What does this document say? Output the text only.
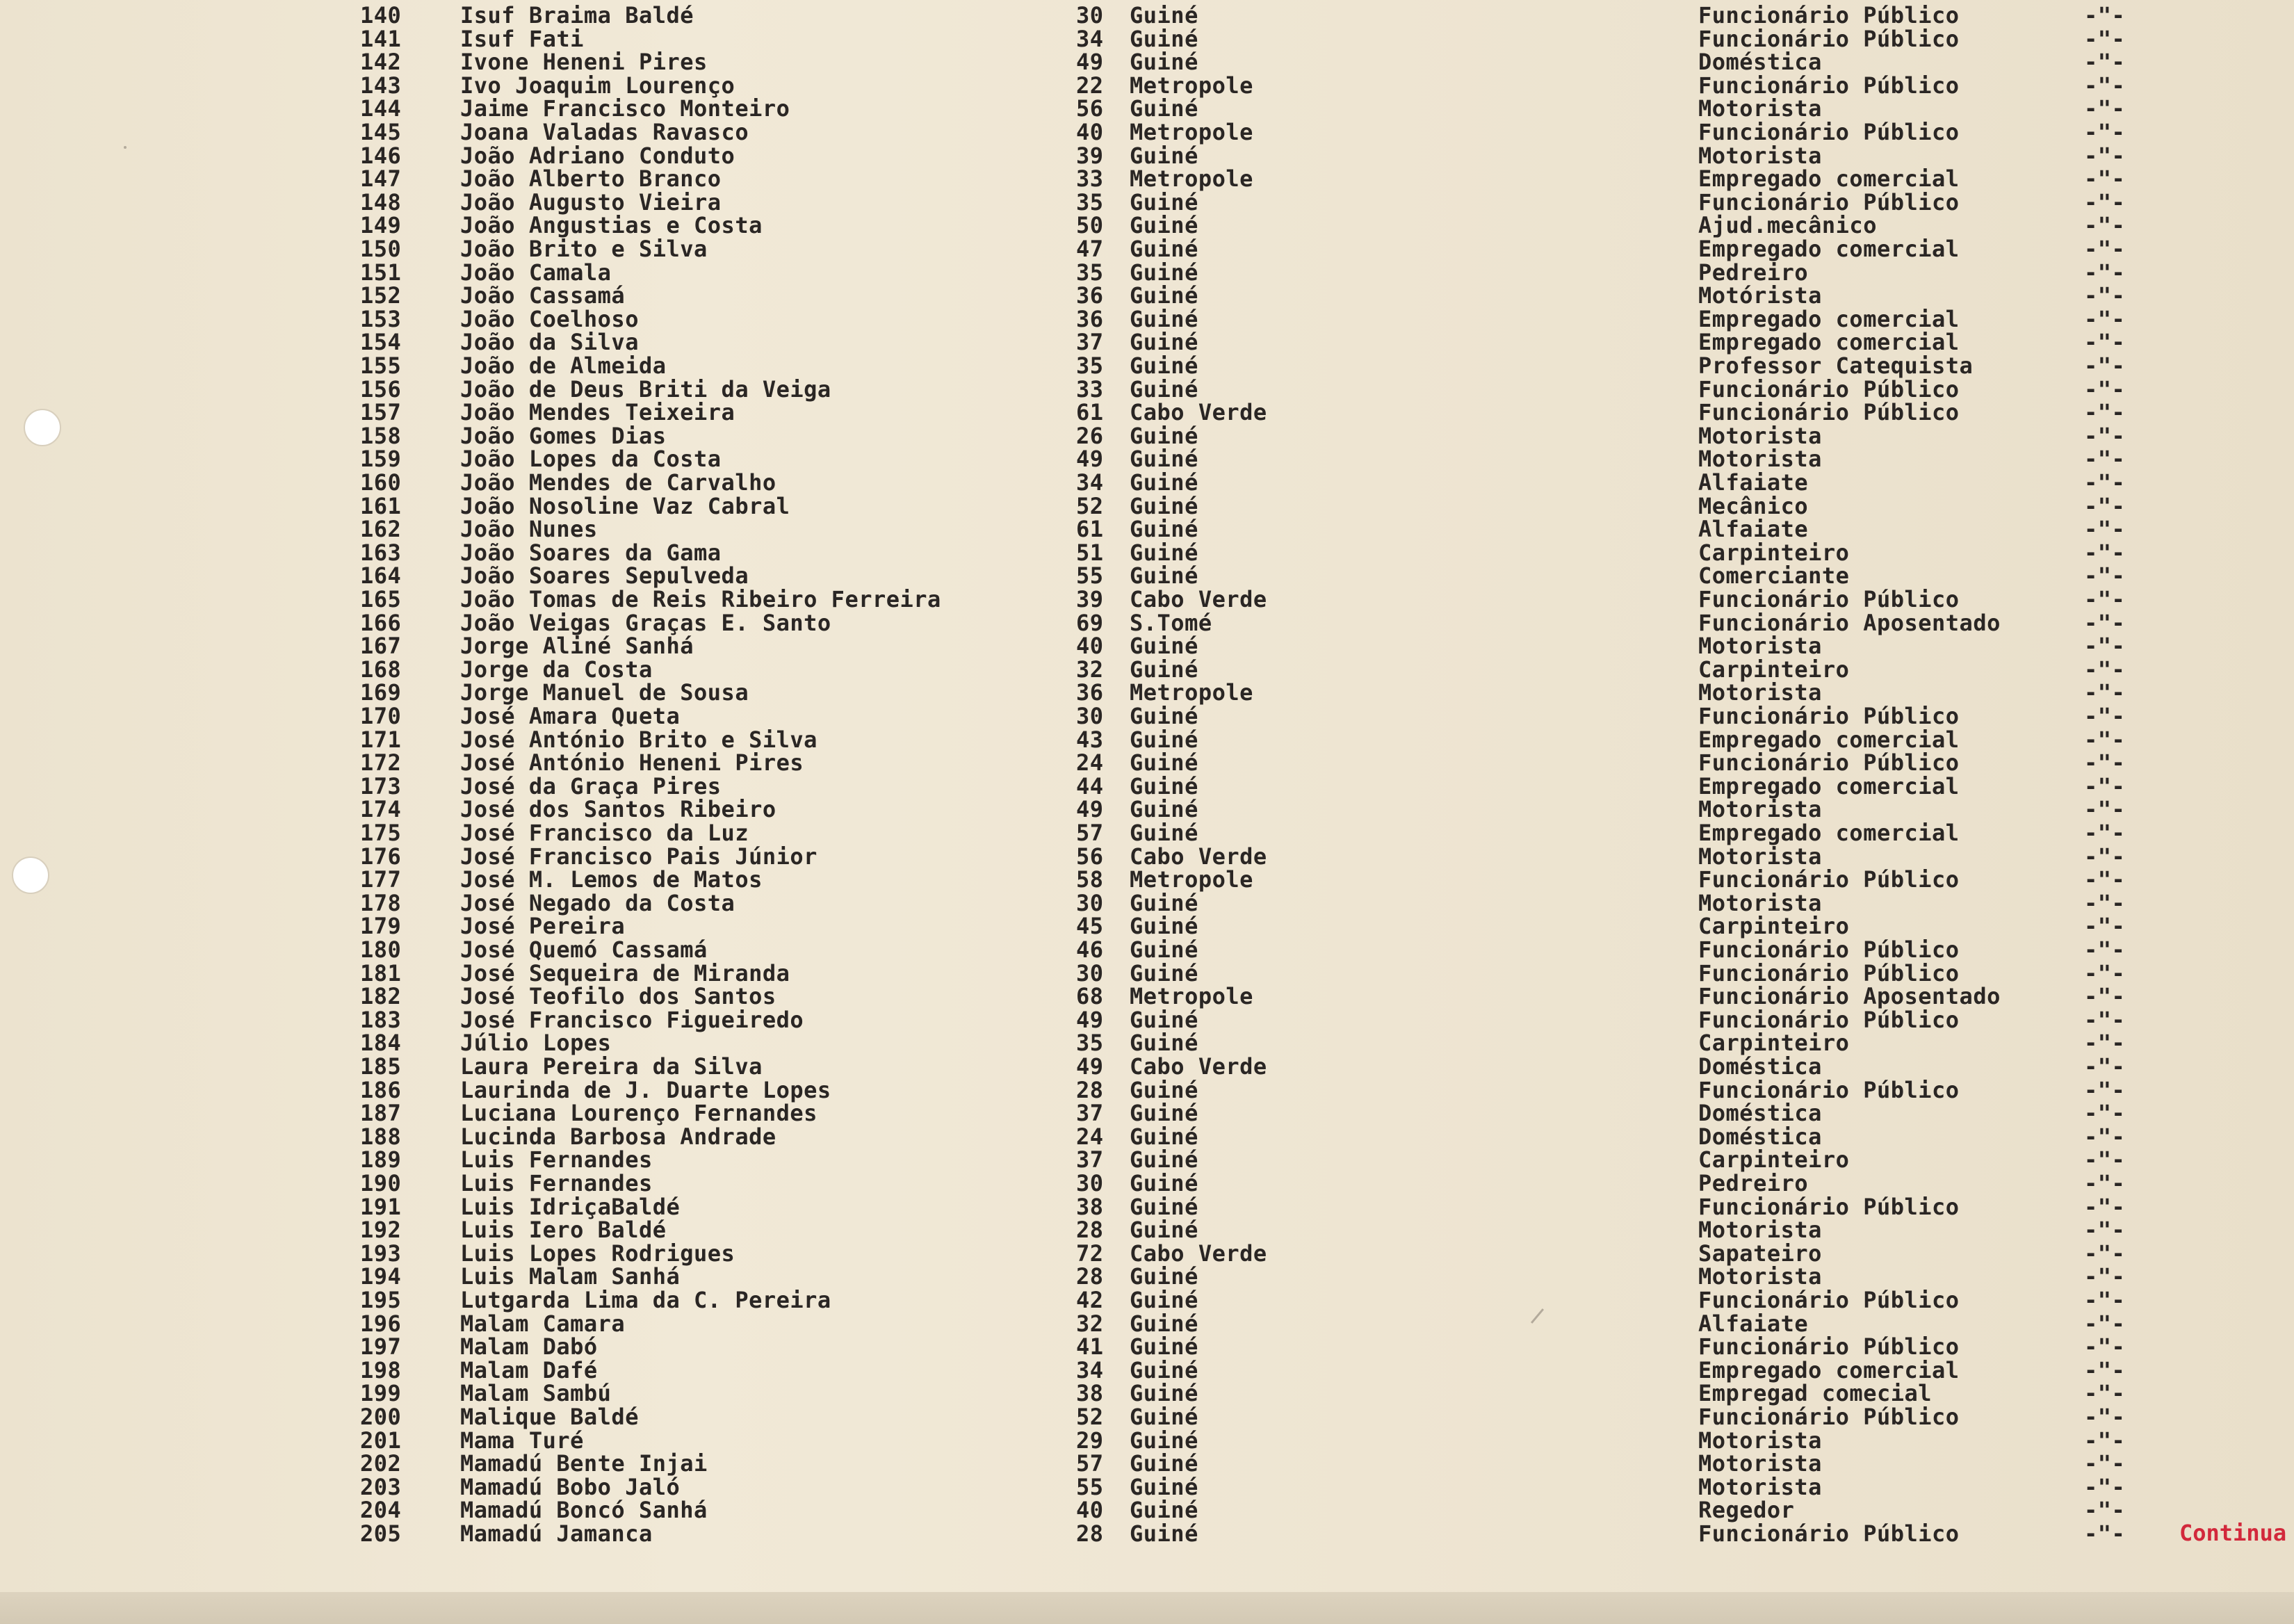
140	Isuf Braima Baldé	30 Guiné	Funcionário Público	-"-
141	Isuf Fati	34 Guiné	Funcionário Público	-"-
142	Ivone Heneni Pires	49 Guiné	Doméstica	-"-
143	Ivo Joaquim Lourenço	22 Metropole	Funcionário Público	-"-
144	Jaime Francisco Monteiro	56 Guiné	Motorista	-"-
145	Joana Valadas Ravasco	40 Metropole	Funcionário Público	-"-
146	João Adriano Conduto	39 Guiné	Motorista	-"-
147	João Alberto Branco	33 Metropole	Empregado comercial	-"-
148	João Augusto Vieira	35 Guiné	Funcionário Público	-"-
149	João Angustias e Costa	50 Guiné	Ajud.mecânico	-"-
150	João Brito e Silva	47 Guiné	Empregado comercial	-"-
151	João Camala	35 Guiné	Pedreiro	-"-
152	João Cassamá	36 Guiné	Motórista	-"-
153	João Coelhoso	36 Guiné	Empregado comercial	-"-
154	João da Silva	37 Guiné	Empregado comercial	-"-
155	João de Almeida	35 Guiné	Professor Catequista	-"-
156	João de Deus Briti da Veiga	33 Guiné	Funcionário Público	-"-
157	João Mendes Teixeira	61 Cabo Verde	Funcionário Público	-"-
158	João Gomes Dias	26 Guiné	Motorista	-"-
159	João Lopes da Costa	49 Guiné	Motorista	-"-
160	João Mendes de Carvalho	34 Guiné	Alfaiate	-"-
161	João Nosoline Vaz Cabral	52 Guiné	Mecânico	-"-
162	João Nunes	61 Guiné	Alfaiate	-"-
163	João Soares da Gama	51 Guiné	Carpinteiro	-"-
164	João Soares Sepulveda	55 Guiné	Comerciante	-"-
165	João Tomas de Reis Ribeiro Ferreira	39 Cabo Verde	Funcionário Público	-"-
166	João Veigas Graças E. Santo	69 S.Tomé	Funcionário Aposentado	-"-
167	Jorge Aliné Sanhá	40 Guiné	Motorista	-"-
168	Jorge da Costa	32 Guiné	Carpinteiro	-"-
169	Jorge Manuel de Sousa	36 Metropole	Motorista	-"-
170	José Amara Queta	30 Guiné	Funcionário Público	-"-
171	José António Brito e Silva	43 Guiné	Empregado comercial	-"-
172	José António Heneni Pires	24 Guiné	Funcionário Público	-"-
173	José da Graça Pires	44 Guiné	Empregado comercial	-"-
174	José dos Santos Ribeiro	49 Guiné	Motorista	-"-
175	José Francisco da Luz	57 Guiné	Empregado comercial	-"-
176	José Francisco Pais Júnior	56 Cabo Verde	Motorista	-"-
177	José M. Lemos de Matos	58 Metropole	Funcionário Público	-"-
178	José Negado da Costa	30 Guiné	Motorista	-"-
179	José Pereira	45 Guiné	Carpinteiro	-"-
180	José Quemó Cassamá	46 Guiné	Funcionário Público	-"-
181	José Sequeira de Miranda	30 Guiné	Funcionário Público	-"-
182	José Teofilo dos Santos	68 Metropole	Funcionário Aposentado	-"-
183	José Francisco Figueiredo	49 Guiné	Funcionário Público	-"-
184	Júlio Lopes	35 Guiné	Carpinteiro	-"-
185	Laura Pereira da Silva	49 Cabo Verde	Doméstica	-"-
186	Laurinda de J. Duarte Lopes	28 Guiné	Funcionário Público	-"-
187	Luciana Lourenço Fernandes	37 Guiné	Doméstica	-"-
188	Lucinda Barbosa Andrade	24 Guiné	Doméstica	-"-
189	Luis Fernandes	37 Guiné	Carpinteiro	-"-
190	Luis Fernandes	30 Guiné	Pedreiro	-"-
191	Luis IdriçaBaldé	38 Guiné	Funcionário Público	-"-
192	Luis Iero Baldé	28 Guiné	Motorista	-"-
193	Luis Lopes Rodrigues	72 Cabo Verde	Sapateiro	-"-
194	Luis Malam Sanhá	28 Guiné	Motorista	-"-
195	Lutgarda Lima da C. Pereira	42 Guiné	Funcionário Público	-"-
196	Malam Camara	32 Guiné	Alfaiate	-"-
197	Malam Dabó	41 Guiné	Funcionário Público	-"-
198	Malam Dafé	34 Guiné	Empregado comercial	-"-
199	Malam Sambú	38 Guiné	Empregad comecial	-"-
200	Malique Baldé	52 Guiné	Funcionário Público	-"-
201	Mama Turé	29 Guiné	Motorista	-"-
202	Mamadú Bente Injai	57 Guiné	Motorista	-"-
203	Mamadú Bobo Jaló	55 Guiné	Motorista	-"-
204	Mamadú Boncó Sanhá	40 Guiné	Regedor	-"-
205	Mamadú Jamanca	28 Guiné	Funcionário Público	-"- Continua
